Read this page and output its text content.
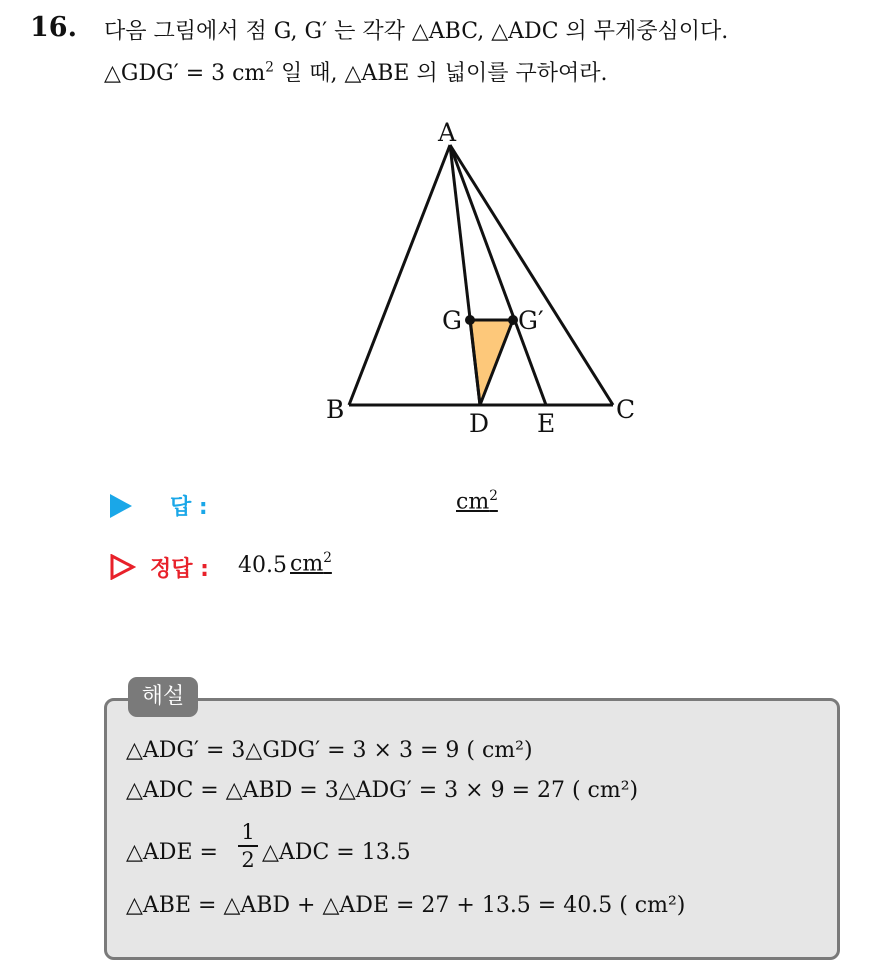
16. 다음 그림에서 점 G, G′ 는 각각 △ABC, △ADC 의 무게중심이다.
△GDG′ = 3 $cm^2$ 일 때, △ABE 의 넓이를 구하여라.
A
B	C
D E
G G′
답 :	$cm^2$
정답 : 40.5 $cm^2$
해설
△ADG′ = 3△GDG′ = 3 × 3 = 9 ( cm²)
△ADC = △ABD = 3△ADG′ = 3 × 9 = 27 ( cm²)
△ADE =
1
2 △ADC = 13.5
△ABE = △ABD + △ADE = 27 + 13.5 = 40.5 ( cm²)
